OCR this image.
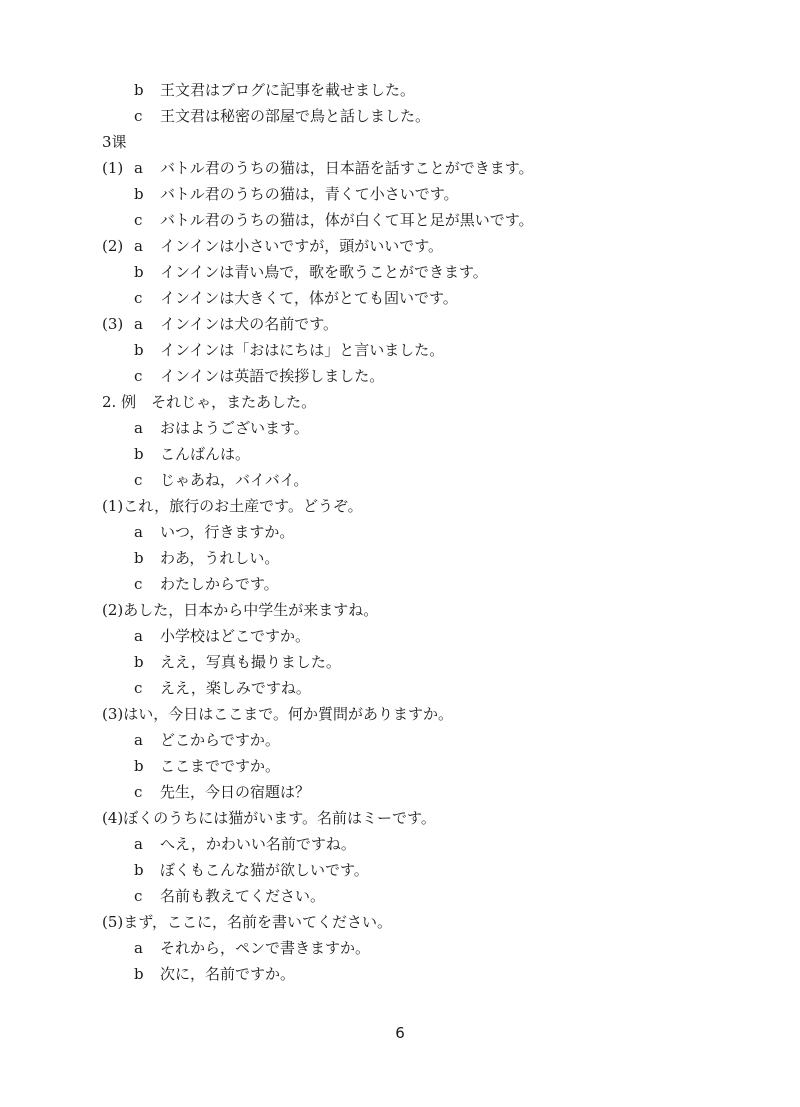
b 王文君はブログに記事を載せました。
c 王文君は秘密の部屋で鳥と話しました。
3课
(1) a バトル君のうちの猫は，日本語を話すことができます。
b バトル君のうちの猫は，青くて小さいです。
c バトル君のうちの猫は，体が白くて耳と足が黒いです。
(2) a インインは小さいですが，頭がいいです。
b インインは青い鳥で，歌を歌うことができます。
c インインは大きくて，体がとても固いです。
(3) a インインは犬の名前です。
b インインは「おはにちは」と言いました。
c インインは英語で挨拶しました。
2. 例　それじゃ，またあした。
a おはようございます。
b こんばんは。
c じゃあね，バイバイ。
(1)これ，旅行のお土産です。どうぞ。
a いつ，行きますか。
b わあ，うれしい。
c わたしからです。
(2)あした，日本から中学生が来ますね。
a 小学校はどこですか。
b ええ，写真も撮りました。
c ええ，楽しみですね。
(3)はい，今日はここまで。何か質問がありますか。
a どこからですか。
b ここまでですか。
c 先生，今日の宿題は？
(4)ぼくのうちには猫がいます。名前はミーです。
a へえ，かわいい名前ですね。
b ぼくもこんな猫が欲しいです。
c 名前も教えてください。
(5)まず，ここに，名前を書いてください。
a それから，ペンで書きますか。
b 次に，名前ですか。
6
